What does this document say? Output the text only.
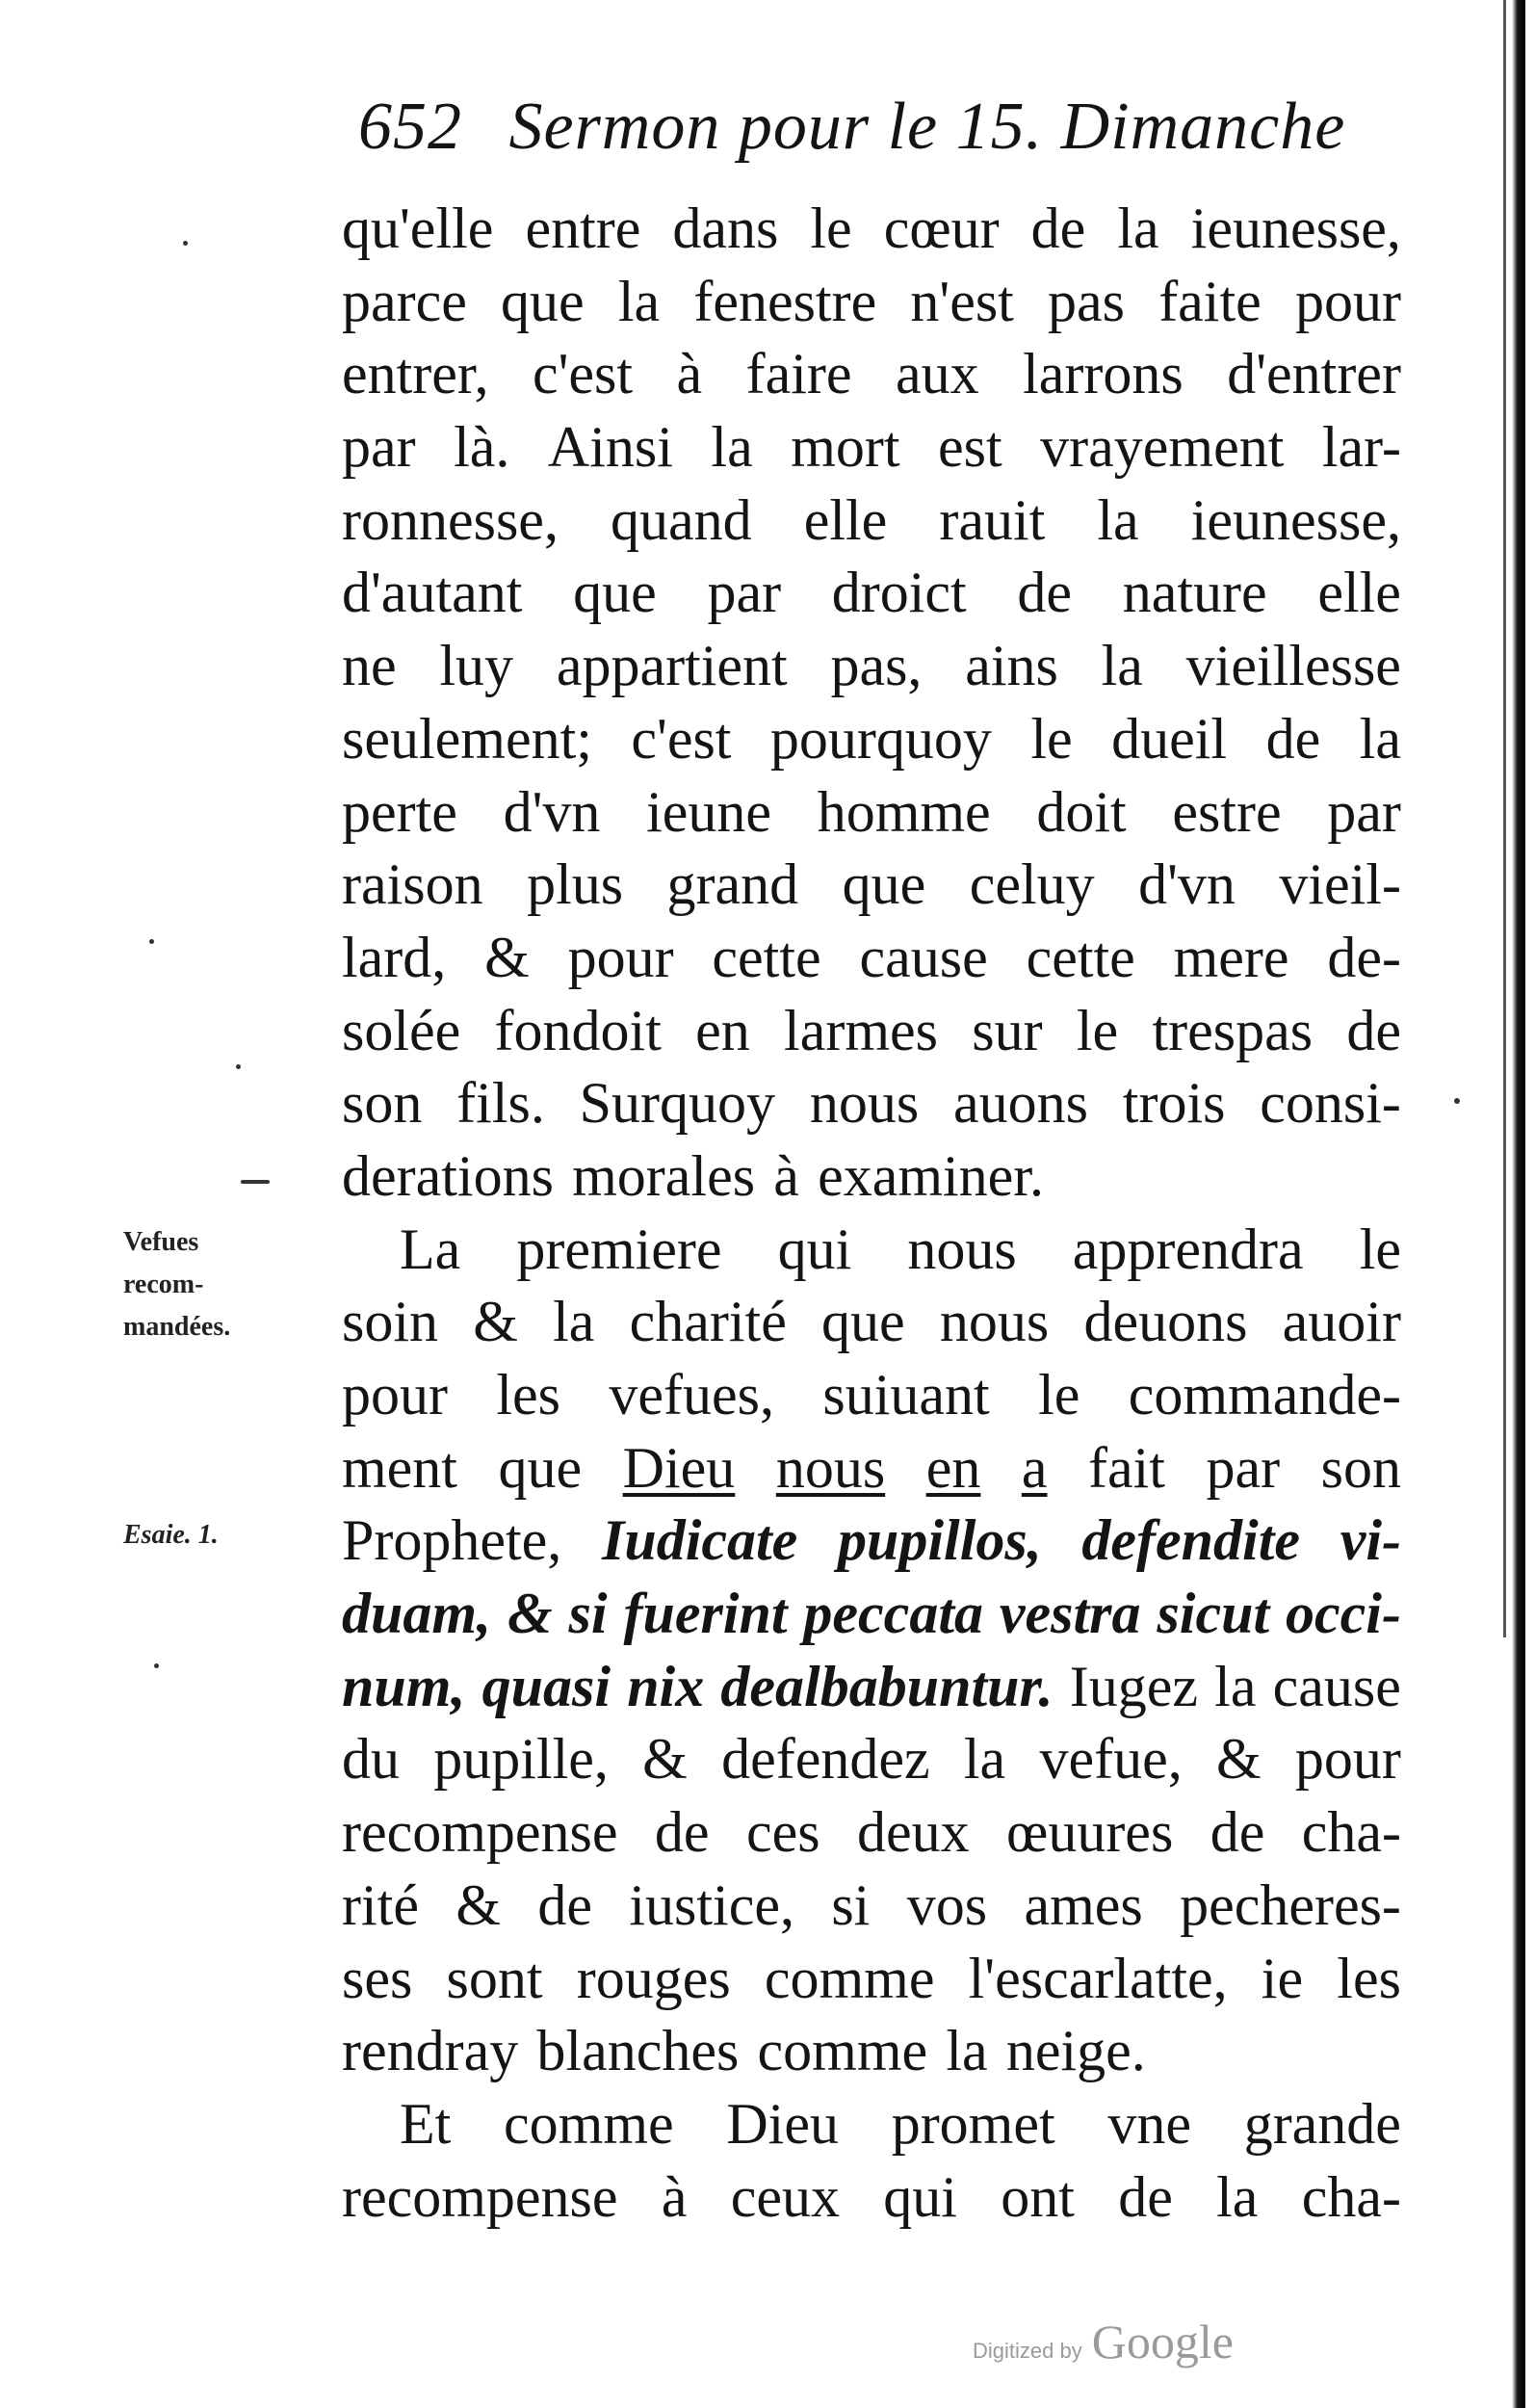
652 Sermon pour le 15. Dimanche
qu'elle entre dans le cœur de la ieunesse,
parce que la fenestre n'est pas faite pour
entrer, c'est à faire aux larrons d'entrer
par là. Ainsi la mort est vrayement lar-
ronnesse, quand elle rauit la ieunesse,
d'autant que par droict de nature elle
ne luy appartient pas, ains la vieillesse
seulement; c'est pourquoy le dueil de la
perte d'vn ieune homme doit estre par
raison plus grand que celuy d'vn vieil-
lard, & pour cette cause cette mere de-
solée fondoit en larmes sur le trespas de
son fils. Surquoy nous auons trois consi-
derations morales à examiner.
La premiere qui nous apprendra le
soin & la charité que nous deuons auoir
pour les vefues, suiuant le commande-
ment que Dieu nous en a fait par son
Prophete, Iudicate pupillos, defendite vi-
duam, & si fuerint peccata vestra sicut occi-
num, quasi nix dealbabuntur. Iugez la cause
du pupille, & defendez la vefue, & pour
recompense de ces deux œuures de cha-
rité & de iustice, si vos ames pecheres-
ses sont rouges comme l'escarlatte, ie les
rendray blanches comme la neige.
Et comme Dieu promet vne grande
recompense à ceux qui ont de la cha-
Vefues
recom-
mandées.
Esaie. 1.
Digitized by Google
